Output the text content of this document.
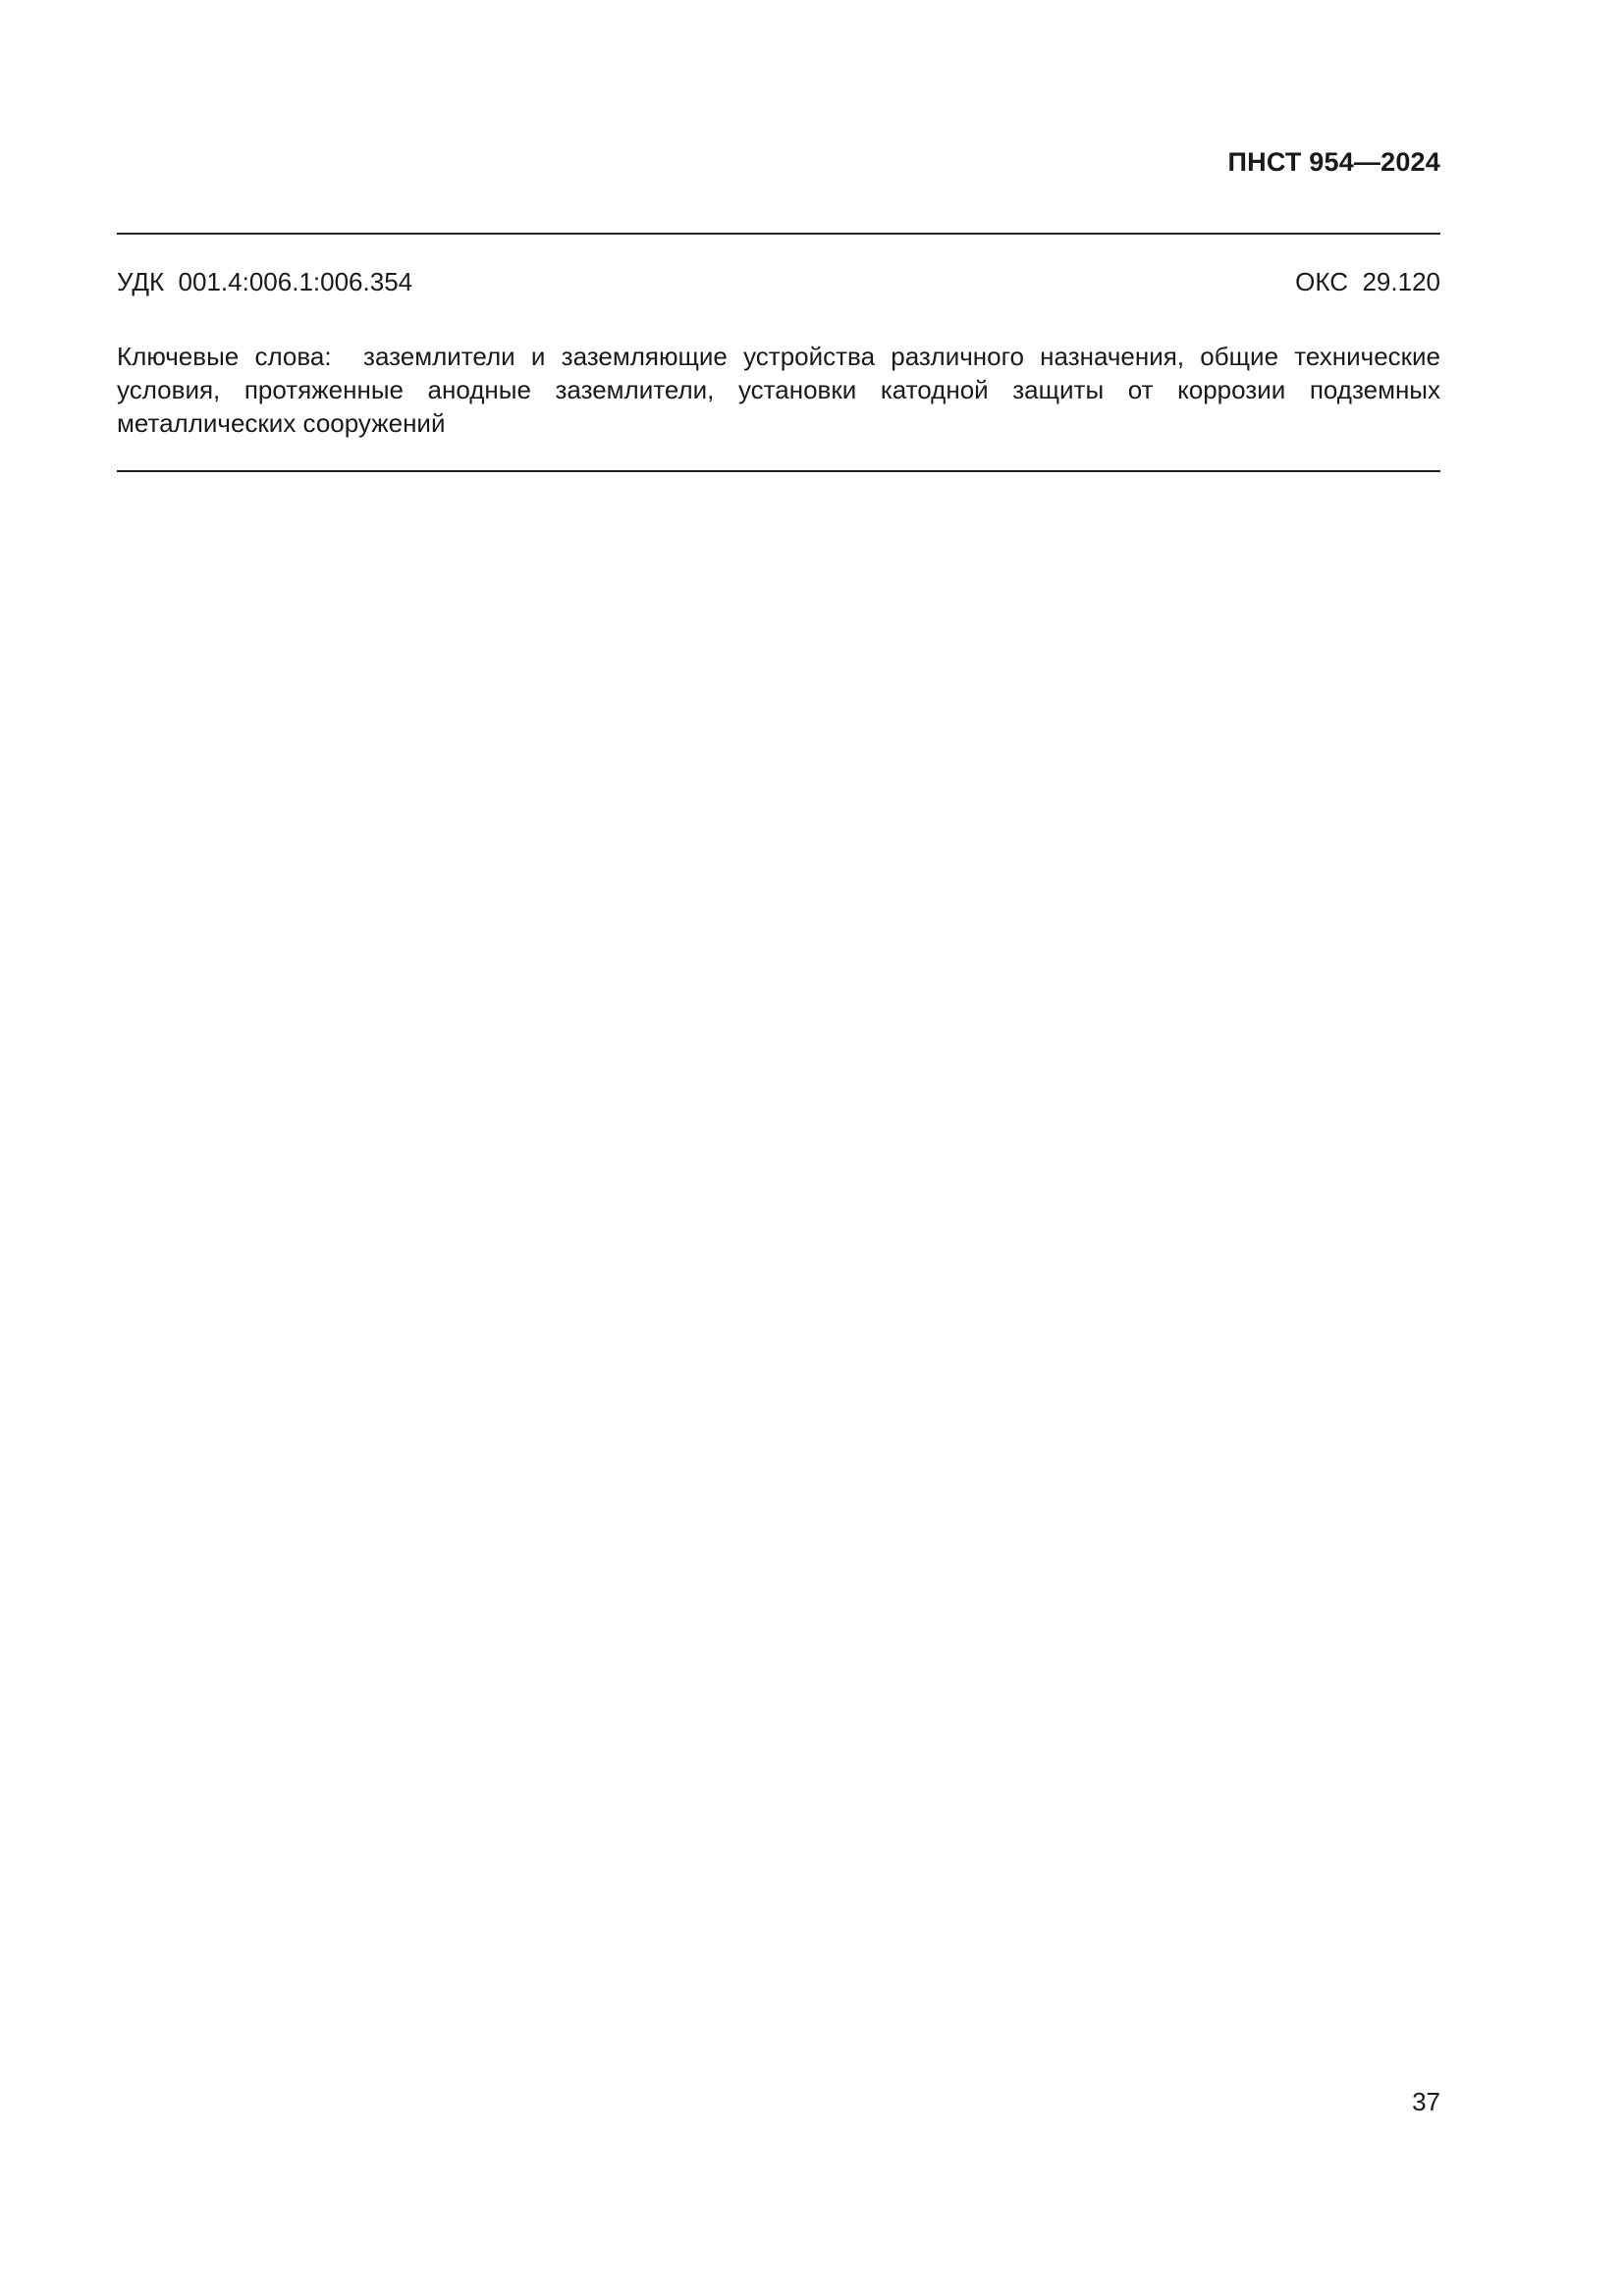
ПНСТ 954—2024
УДК  001.4:006.1:006.354	ОКС  29.120
Ключевые слова: заземлители и заземляющие устройства различного назначения, общие технические условия, протяженные анодные заземлители, установки катодной защиты от коррозии подземных металлических сооружений
37
